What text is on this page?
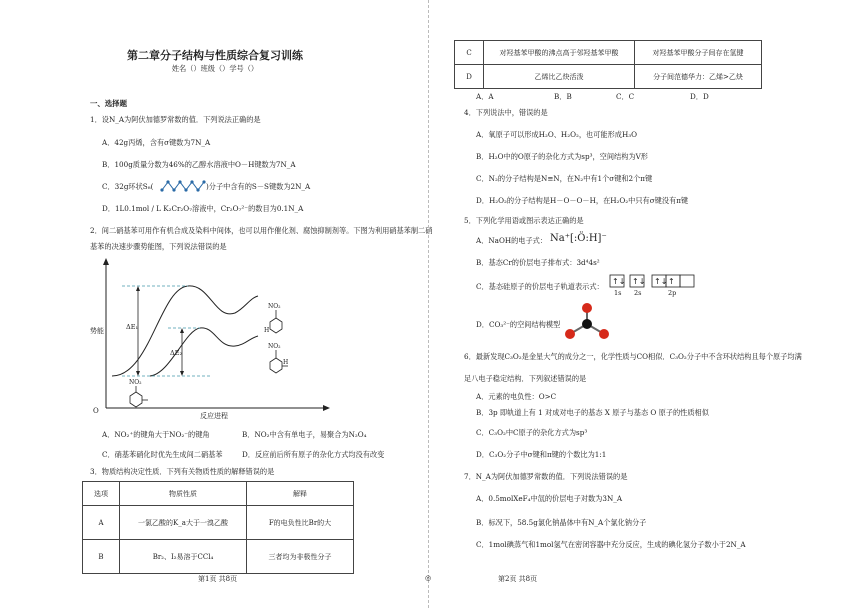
第二章分子结构与性质综合复习训练
姓名（）班级（）学号（）
一、选择题
1．设N_A为阿伏加德罗常数的值．下列说法正确的是
A．42g丙烯，含有σ键数为7N_A
B．100g质量分数为46%的乙醇水溶液中O－H键数为7N_A
C．32g环状S₈(	)分子中含有的S－S键数为2N_A
D．1L0.1mol / L K₂Cr₂O₇溶液中，Cr₂O₇²⁻的数目为0.1N_A
2．间二硝基苯可用作有机合成及染料中间体，也可以用作催化剂、腐蚀抑制剂等。下图为利用硝基苯制二硝
基苯的决速步骤势能图，下列说法错误的是
势能
O
反应进程
ΔE₁
ΔE₂
NO₂
H
NO₂
NO₂
H
A．NO₂⁺的键角大于NO₂⁻的键角	B．NO₂中含有单电子，易聚合为N₂O₄
C．硝基苯硝化时优先生成间二硝基苯	D．反应前后所有原子的杂化方式均没有改变
3．物质结构决定性质．下列有关物质性质的解释错误的是
选项	物质性质	解释
A	一氯乙酸的K_a大于一溴乙酸	F的电负性比Br的大
B	Br₂、I₂易溶于CCl₄	三者均为非极性分子
第1页 共8页	◎
C	对羟基苯甲酸的沸点高于邻羟基苯甲酸	对羟基苯甲酸分子间存在氢键
D	乙烯比乙炔活泼	分子间范德华力：乙烯>乙炔
A．A	B．B	C．C	D．D
4．下列说法中，错误的是
A．氧原子可以形成H₂O、H₂O₂，也可能形成H₃O
B．H₂O中的O原子的杂化方式为sp³，空间结构为V形
C．N₂的分子结构是N≡N，在N₂中有1个σ键和2个π键
D．H₂O₂的分子结构是H－O－O－H，在H₂O₂中只有σ键没有π键
5．下列化学用语或图示表达正确的是
A．NaOH的电子式： Na⁺[:Ö:H]⁻
B．基态Cr的价层电子排布式：3d⁴4s²
C．基态硅原子的价层电子轨道表示式：
↑↓ ↑↓ ↑↓ ↑
1s 2s	2p
D．CO₃²⁻的空间结构模型
6．最新发现C₃O₂是金星大气的成分之一，化学性质与CO相似．C₃O₂分子中不含环状结构且每个原子均满
足八电子稳定结构．下列叙述错误的是
A．元素的电负性：O>C
B．3p 即轨道上有 1 对成对电子的基态 X 原子与基态 O 原子的性质相似
C．C₃O₂中C原子的杂化方式为sp³
D．C₃O₂分子中σ键和π键的个数比为1:1
7．N_A为阿伏加德罗常数的值．下列说法错误的是
A．0.5molXeF₄中氙的价层电子对数为3N_A
B．标况下，58.5g氯化钠晶体中有N_A个氯化钠分子
C．1mol碘蒸气和1mol氢气在密闭容器中充分反应，生成的碘化氢分子数小于2N_A
第2页 共8页
